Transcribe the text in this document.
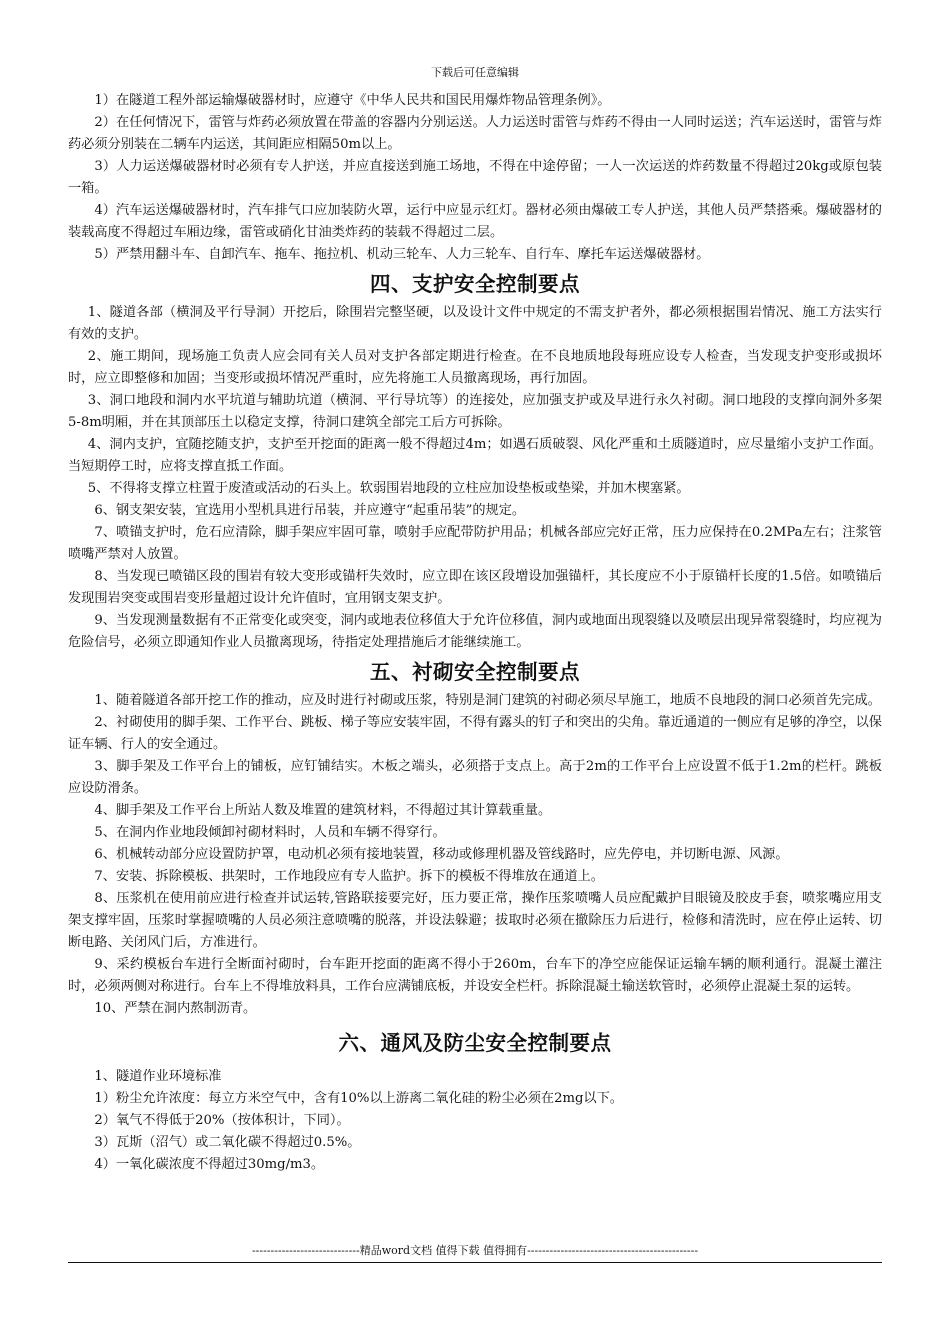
下载后可任意编辑

1）在隧道工程外部运输爆破器材时，应遵守《中华人民共和国民用爆炸物品管理条例》。

2）在任何情况下，雷管与炸药必须放置在带盖的容器内分别运送。人力运送时雷管与炸药不得由一人同时运送；汽车运送时，雷管与炸药必须分别装在二辆车内运送，其间距应相隔50m以上。

3）人力运送爆破器材时必须有专人护送，并应直接送到施工场地，不得在中途停留；一人一次运送的炸药数量不得超过20kg或原包装一箱。

4）汽车运送爆破器材时，汽车排气口应加装防火罩，运行中应显示红灯。器材必须由爆破工专人护送，其他人员严禁搭乘。爆破器材的装载高度不得超过车厢边缘，雷管或硝化甘油类炸药的装载不得超过二层。

5）严禁用翻斗车、自卸汽车、拖车、拖拉机、机动三轮车、人力三轮车、自行车、摩托车运送爆破器材。

四、支护安全控制要点

1、隧道各部（横洞及平行导洞）开挖后，除围岩完整坚硬，以及设计文件中规定的不需支护者外，都必须根据围岩情况、施工方法实行有效的支护。

2、施工期间，现场施工负责人应会同有关人员对支护各部定期进行检查。在不良地质地段每班应设专人检查，当发现支护变形或损坏时，应立即整修和加固；当变形或损坏情况严重时，应先将施工人员撤离现场，再行加固。

3、洞口地段和洞内水平坑道与辅助坑道（横洞、平行导坑等）的连接处，应加强支护或及早进行永久衬砌。洞口地段的支撑向洞外多架5-8m明厢，并在其顶部压土以稳定支撑，待洞口建筑全部完工后方可拆除。

4、洞内支护，宜随挖随支护，支护至开挖面的距离一般不得超过4m；如遇石质破裂、风化严重和土质隧道时，应尽量缩小支护工作面。当短期停工时，应将支撑直抵工作面。

5、不得将支撑立柱置于废渣或活动的石头上。软弱围岩地段的立柱应加设垫板或垫梁，并加木楔塞紧。

6、钢支架安装，宜选用小型机具进行吊装，并应遵守“起重吊装”的规定。

7、喷锚支护时，危石应清除，脚手架应牢固可靠，喷射手应配带防护用品；机械各部应完好正常，压力应保持在0.2MPa左右；注浆管喷嘴严禁对人放置。

8、当发现已喷锚区段的围岩有较大变形或锚杆失效时，应立即在该区段增设加强锚杆，其长度应不小于原锚杆长度的1.5倍。如喷锚后发现围岩突变或围岩变形量超过设计允许值时，宜用钢支架支护。

9、当发现测量数据有不正常变化或突变，洞内或地表位移值大于允许位移值，洞内或地面出现裂缝以及喷层出现异常裂缝时，均应视为危险信号，必须立即通知作业人员撤离现场，待指定处理措施后才能继续施工。

五、衬砌安全控制要点

1、随着隧道各部开挖工作的推动，应及时进行衬砌或压浆，特别是洞门建筑的衬砌必须尽早施工，地质不良地段的洞口必须首先完成。

2、衬砌使用的脚手架、工作平台、跳板、梯子等应安装牢固，不得有露头的钉子和突出的尖角。靠近通道的一侧应有足够的净空，以保证车辆、行人的安全通过。

3、脚手架及工作平台上的铺板，应钉铺结实。木板之端头，必须搭于支点上。高于2m的工作平台上应设置不低于1.2m的栏杆。跳板应设防滑条。

4、脚手架及工作平台上所站人数及堆置的建筑材料，不得超过其计算载重量。

5、在洞内作业地段倾卸衬砌材料时，人员和车辆不得穿行。

6、机械转动部分应设置防护罩，电动机必须有接地装置，移动或修理机器及管线路时，应先停电，并切断电源、风源。

7、安装、拆除模板、拱架时，工作地段应有专人监护。拆下的模板不得堆放在通道上。

8、压浆机在使用前应进行检查并试运转,管路联接要完好，压力要正常，操作压浆喷嘴人员应配戴护目眼镜及胶皮手套，喷浆嘴应用支架支撑牢固，压浆时掌握喷嘴的人员必须注意喷嘴的脱落，并设法躲避；拔取时必须在撤除压力后进行，检修和清洗时，应在停止运转、切断电路、关闭风门后，方准进行。

9、采约模板台车进行全断面衬砌时，台车距开挖面的距离不得小于260m，台车下的净空应能保证运输车辆的顺利通行。混凝土灌注时，必须两侧对称进行。台车上不得堆放料具，工作台应满铺底板，并设安全栏杆。拆除混凝土输送软管时，必须停止混凝土泵的运转。

10、严禁在洞内熬制沥青。

六、通风及防尘安全控制要点

1、隧道作业环境标准

1）粉尘允许浓度：每立方米空气中，含有10%以上游离二氧化硅的粉尘必须在2mg以下。

2）氧气不得低于20%（按体积计，下同）。

3）瓦斯（沼气）或二氧化碳不得超过0.5%。

4）一氧化碳浓度不得超过30mg/m3。

-----------------------------精品word文档 值得下载 值得拥有----------------------------------------------
